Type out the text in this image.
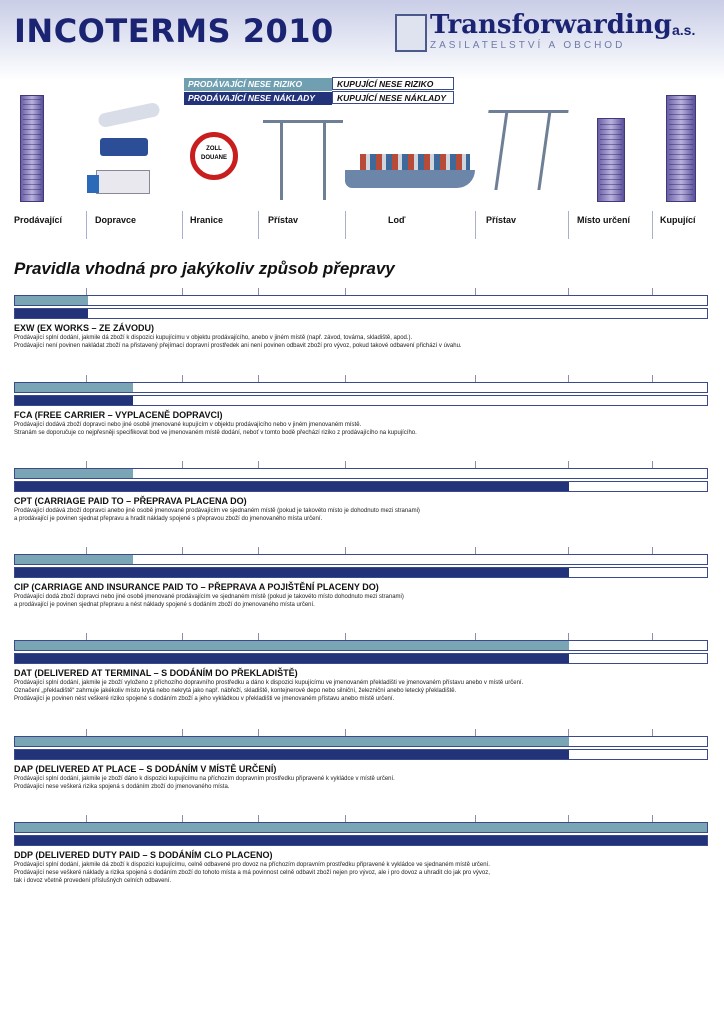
INCOTERMS 2010	Transforwarding a.s.
ZASILATELSTVÍ A OBCHOD
PRODÁVAJÍCÍ NESE RIZIKO	KUPUJÍCÍ NESE RIZIKO
PRODÁVAJÍCÍ NESE NÁKLADY	KUPUJÍCÍ NESE NÁKLADY
ZOLL
DOUANE
Prodávající	Dopravce	Hranice	Přístav	Loď	Přístav	Místo určení	Kupující
Pravidla vhodná pro jakýkoliv způsob přepravy
EXW (EX WORKS – ZE ZÁVODU)
Prodávající splní dodání, jakmile dá zboží k dispozici kupujícímu v objektu prodávajícího, anebo v jiném místě (např. závod, továrna, skladiště, apod.).
Prodávající není povinen nakládat zboží na přistavený přejímací dopravní prostředek ani není povinen odbavit zboží pro vývoz, pokud takové odbavení přichází v úvahu.
FCA (FREE CARRIER – VYPLACENĚ DOPRAVCI)
Prodávající dodává zboží dopravci nebo jiné osobě jmenované kupujícím v objektu prodávajícího nebo v jiném jmenovaném místě.
Stranám se doporučuje co nejpřesněji specifikovat bod ve jmenovaném místě dodání, neboť v tomto bodě přechází riziko z prodávajícího na kupujícího.
CPT (CARRIAGE PAID TO – PŘEPRAVA PLACENA DO)
Prodávající dodává zboží dopravci anebo jiné osobě jmenované prodávajícím ve sjednaném místě (pokud je takovéto místo je dohodnuto mezi stranami)
a prodávající je povinen sjednat přepravu a hradit náklady spojené s přepravou zboží do jmenovaného místa určení.
CIP (CARRIAGE AND INSURANCE PAID TO – PŘEPRAVA A POJIŠTĚNÍ PLACENY DO)
Prodávající dodá zboží dopravci nebo jiné osobě jmenované prodávajícím ve sjednaném místě (pokud je takovéto místo dohodnuto mezi stranami)
a prodávající je povinen sjednat přepravu a nést náklady spojené s dodáním zboží do jmenovaného místa určení.
DAT (DELIVERED AT TERMINAL – S DODÁNÍM DO PŘEKLADIŠTĚ)
Prodávající splní dodání, jakmile je zboží vyloženo z příchozího dopravního prostředku a dáno k dispozici kupujícímu ve jmenovaném překladišti ve jmenovaném přístavu anebo v místě určení.
Označení „překladiště“ zahrnuje jakékoliv místo krytá nebo nekrytá jako např. nábřeží, skladiště, kontejnerové depo nebo silniční, železniční anebo letecký překladiště.
Prodávající je povinen nést veškeré riziko spojené s dodáním zboží a jeho vykládkou v překladišti ve jmenovaném přístavu anebo místě určení.
DAP (DELIVERED AT PLACE – S DODÁNÍM V MÍSTĚ URČENÍ)
Prodávající splní dodání, jakmile je zboží dáno k dispozici kupujícímu na příchozím dopravním prostředku připravené k vykládce v místě určení.
Prodávající nese veškerá rizika spojená s dodáním zboží do jmenovaného místa.
DDP (DELIVERED DUTY PAID – S DODÁNÍM CLO PLACENO)
Prodávající splní dodání, jakmile dá zboží k dispozici kupujícímu, celně odbavené pro dovoz na příchozím dopravním prostředku připravené k vykládce ve sjednaném místě určení.
Prodávající nese veškeré náklady a rizika spojená s dodáním zboží do tohoto místa a má povinnost celně odbavit zboží nejen pro vývoz, ale i pro dovoz a uhradit clo jak pro vývoz,
tak i dovoz včetně provedení příslušných celních odbavení.
